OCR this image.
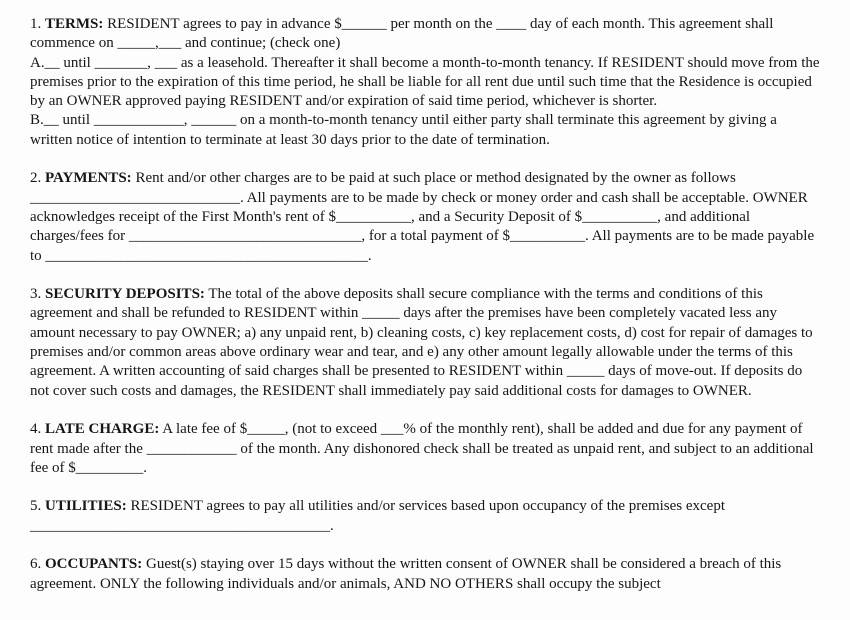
1. TERMS: RESIDENT agrees to pay in advance $______ per month on the ____ day of each month. This agreement shall commence on _____,___ and continue; (check one)

A.__ until _______, ___ as a leasehold. Thereafter it shall become a month-to-month tenancy. If RESIDENT should move from the premises prior to the expiration of this time period, he shall be liable for all rent due until such time that the Residence is occupied by an OWNER approved paying RESIDENT and/or expiration of said time period, whichever is shorter.

B.__ until ____________, ______ on a month-to-month tenancy until either party shall terminate this agreement by giving a written notice of intention to terminate at least 30 days prior to the date of termination.

2. PAYMENTS: Rent and/or other charges are to be paid at such place or method designated by the owner as follows ____________________________. All payments are to be made by check or money order and cash shall be acceptable. OWNER acknowledges receipt of the First Month's rent of $__________, and a Security Deposit of $__________, and additional charges/fees for _______________________________, for a total payment of $__________. All payments are to be made payable to ___________________________________________.

3. SECURITY DEPOSITS: The total of the above deposits shall secure compliance with the terms and conditions of this agreement and shall be refunded to RESIDENT within _____ days after the premises have been completely vacated less any amount necessary to pay OWNER; a) any unpaid rent, b) cleaning costs, c) key replacement costs, d) cost for repair of damages to premises and/or common areas above ordinary wear and tear, and e) any other amount legally allowable under the terms of this agreement. A written accounting of said charges shall be presented to RESIDENT within _____ days of move-out. If deposits do not cover such costs and damages, the RESIDENT shall immediately pay said additional costs for damages to OWNER.

4. LATE CHARGE: A late fee of $_____, (not to exceed ___% of the monthly rent), shall be added and due for any payment of rent made after the ____________ of the month. Any dishonored check shall be treated as unpaid rent, and subject to an additional fee of $_________.

5. UTILITIES: RESIDENT agrees to pay all utilities and/or services based upon occupancy of the premises except ________________________________________.

6. OCCUPANTS: Guest(s) staying over 15 days without the written consent of OWNER shall be considered a breach of this agreement. ONLY the following individuals and/or animals, AND NO OTHERS shall occupy the subject
